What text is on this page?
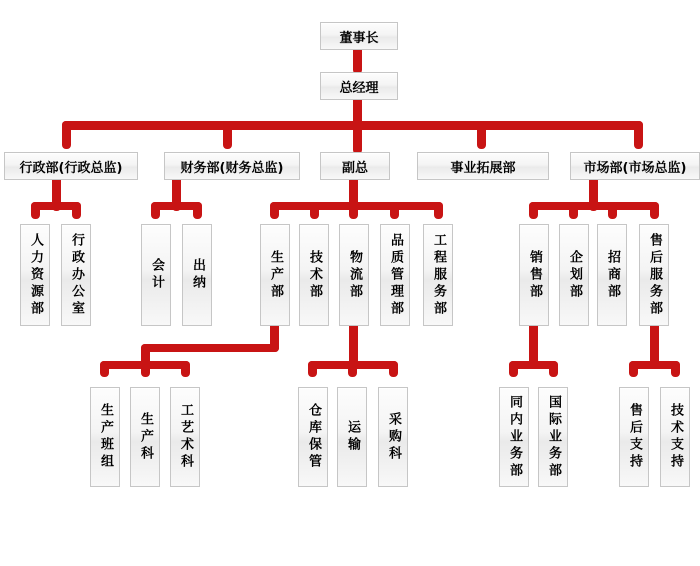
董事长
总经理
行政部(行政总监)	财务部(财务总监)	副总	事业拓展部	市场部(市场总监)
人力资源部	行政办公室	会计	出纳	生产部	技术部	物流部	品质管理部	工程服务部	销售部	企划部	招商部	售后服务部
生产班组	生产科	工艺术科	仓库保管	运输	采购科	同内业务部	国际业务部	售后支持	技术支持
